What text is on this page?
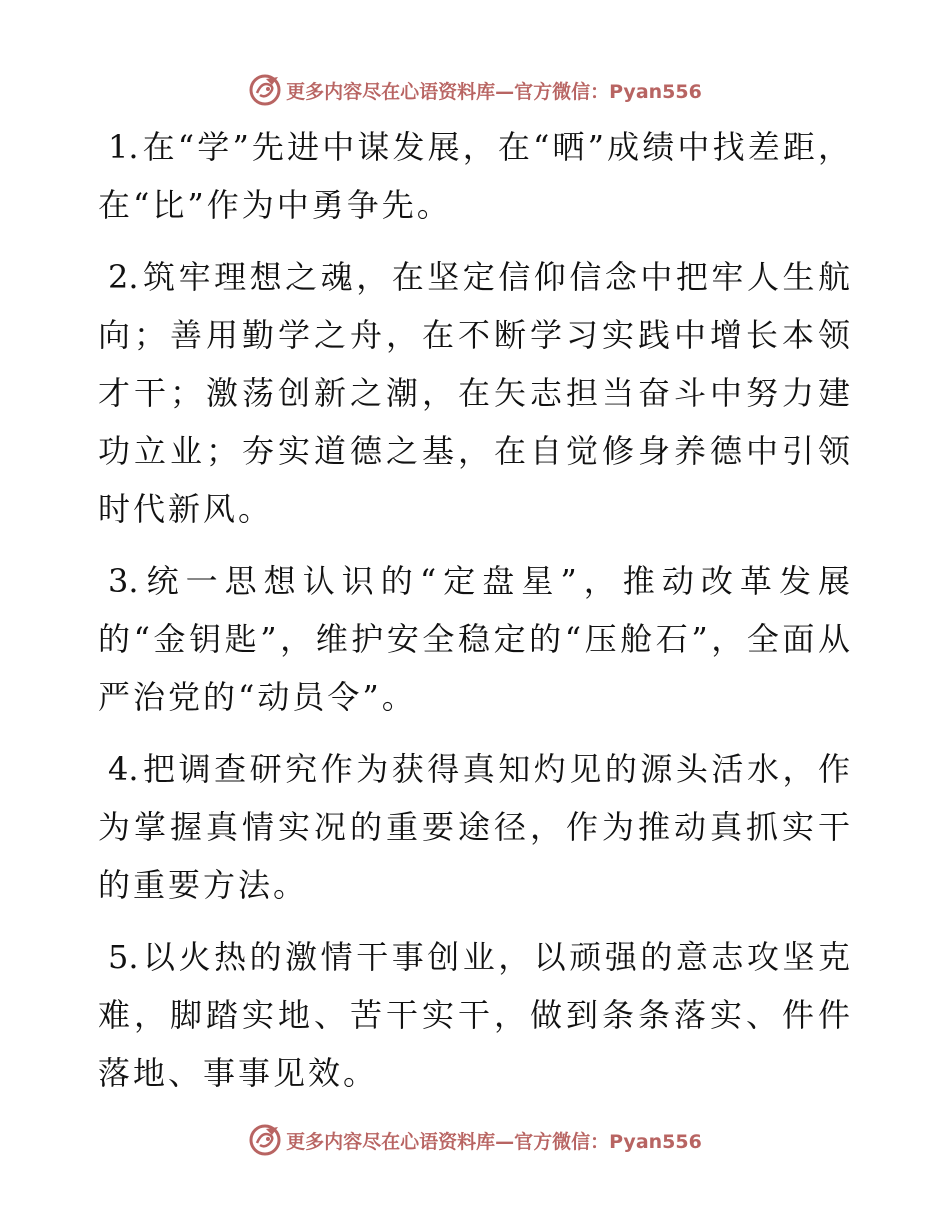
更多内容尽在心语资料库—官方微信：Pyan556

1. 在“学”先进中谋发展，在“晒”成绩中找差距，在“比”作为中勇争先。

2. 筑牢理想之魂，在坚定信仰信念中把牢人生航向；善用勤学之舟，在不断学习实践中增长本领才干；激荡创新之潮，在矢志担当奋斗中努力建功立业；夯实道德之基，在自觉修身养德中引领时代新风。

3. 统一思想认识的“定盘星”，推动改革发展的“金钥匙”，维护安全稳定的“压舱石”，全面从严治党的“动员令”。

4. 把调查研究作为获得真知灼见的源头活水，作为掌握真情实况的重要途径，作为推动真抓实干的重要方法。

5. 以火热的激情干事创业，以顽强的意志攻坚克难，脚踏实地、苦干实干，做到条条落实、件件落地、事事见效。

更多内容尽在心语资料库—官方微信：Pyan556
